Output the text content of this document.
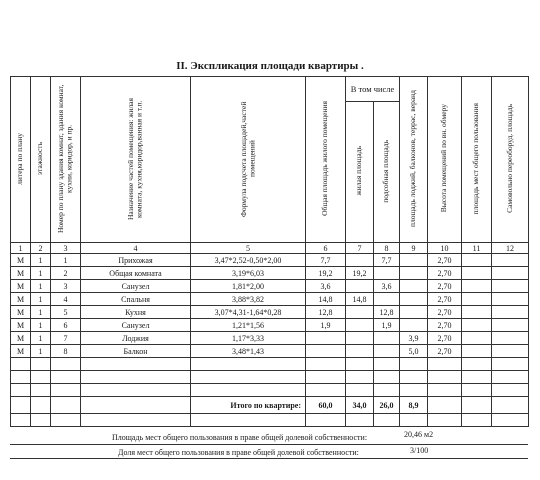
II. Экспликация площади квартиры .
литера по плану	этажность	Номер по плану здания комнат, здания комнат, кухни, коридор, и пр.	Назначение частей помещения: жилая комната, кухня,коридор,ванная и т.п.	Формула подсчета площадей,частей помещений	Общая площадь жилого помещения	В том числе		площадь лоджий, балконов, террас, веранд	Высота помещений по вн. обмеру	площадь мест общего пользования	Самовольно переоборуд. площадь
						жилая площадь	подсобная площадь				
1	2	3	4	5	6	7	8	9	10	11	12
М	1	1	Прихожая	3,47*2,52-0,50*2,00	7,7		7,7		2,70		
М	1	2	Общая комната	3,19*6,03	19,2	19,2			2,70		
М	1	3	Санузел	1,81*2,00	3,6		3,6		2,70		
М	1	4	Спальня	3,88*3,82	14,8	14,8			2,70		
М	1	5	Кухня	3,07*4,31-1,64*0,28	12,8		12,8		2,70		
М	1	6	Санузел	1,21*1,56	1,9		1,9		2,70		
М	1	7	Лоджия	1,17*3,33				3,9	2,70		
М	1	8	Балкон	3,48*1,43				5,0	2,70		

				Итого по квартире:	60,0	34,0	26,0	8,9			

Площадь мест общего пользования в праве общей долевой собственности:	20,46 м2
Доля мест общего пользования в праве общей долевой собственности:	3/100
